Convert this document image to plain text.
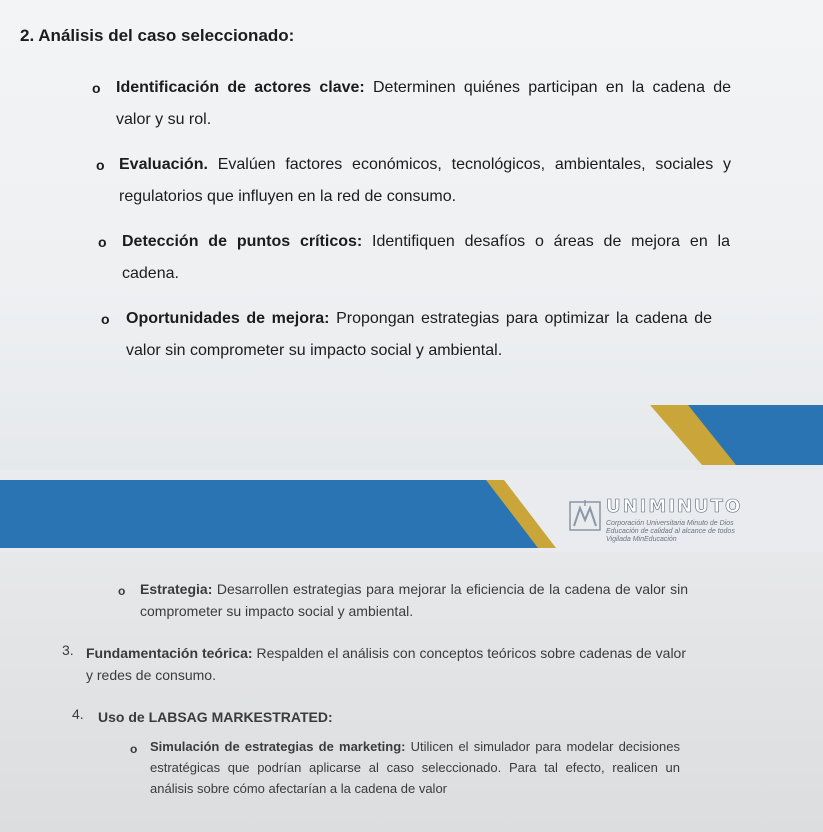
2. Análisis del caso seleccionado:
o Identificación de actores clave: Determinen quiénes participan en la cadena de valor y su rol.
o Evaluación. Evalúen factores económicos, tecnológicos, ambientales, sociales y regulatorios que influyen en la red de consumo.
o Detección de puntos críticos: Identifiquen desafíos o áreas de mejora en la cadena.
o Oportunidades de mejora: Propongan estrategias para optimizar la cadena de valor sin comprometer su impacto social y ambiental.
UNIMINUTO
Corporación Universitaria Minuto de Dios
Educación de calidad al alcance de todos
Vigilada MinEducación
o Estrategia: Desarrollen estrategias para mejorar la eficiencia de la cadena de valor sin comprometer su impacto social y ambiental.
3. Fundamentación teórica: Respalden el análisis con conceptos teóricos sobre cadenas de valor y redes de consumo.
4. Uso de LABSAG MARKESTRATED:
o Simulación de estrategias de marketing: Utilicen el simulador para modelar decisiones estratégicas que podrían aplicarse al caso seleccionado. Para tal efecto, realicen un análisis sobre cómo afectarían a la cadena de valor
